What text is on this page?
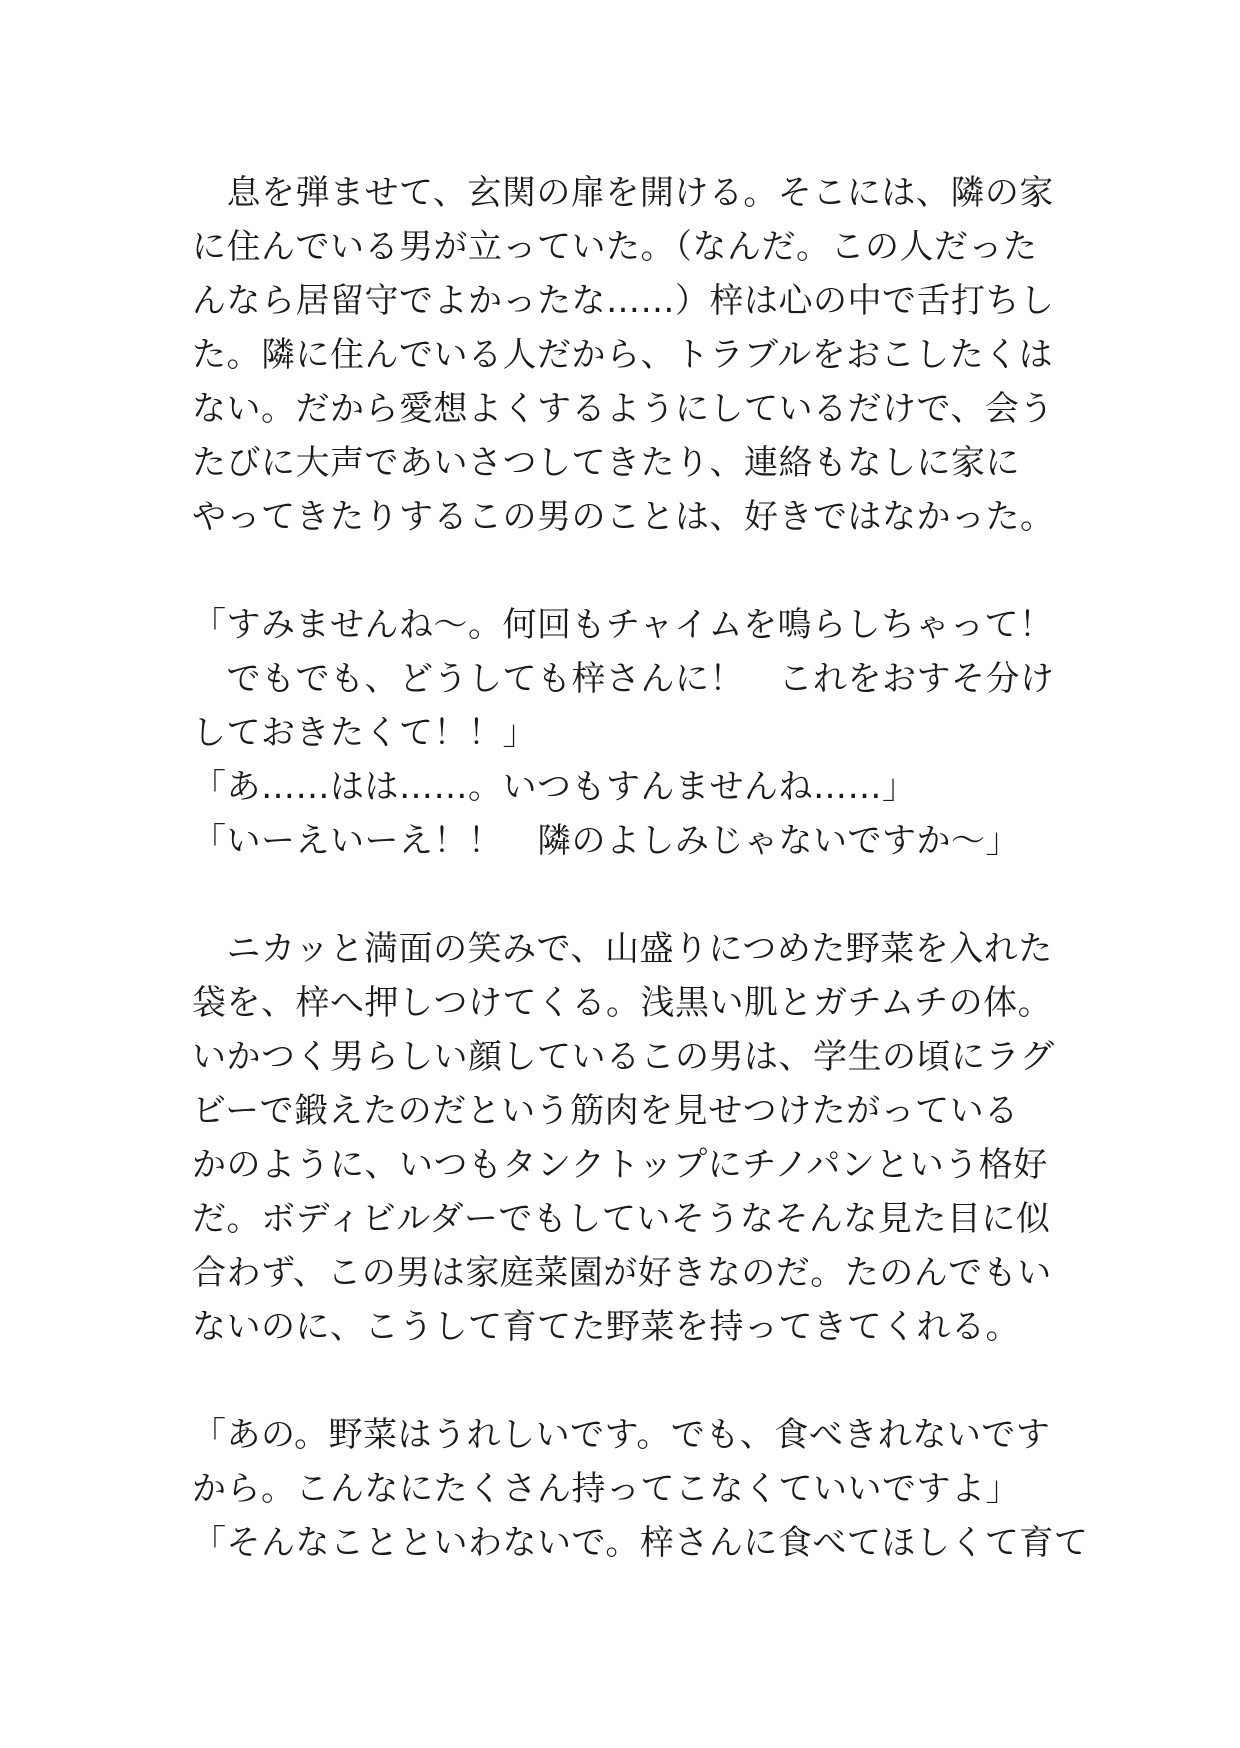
　息を弾ませて、玄関の扉を開ける。そこには、隣の家
に住んでいる男が立っていた。（なんだ。この人だった
んなら居留守でよかったな……）梓は心の中で舌打ちし
た。隣に住んでいる人だから、トラブルをおこしたくは
ない。だから愛想よくするようにしているだけで、会う
たびに大声であいさつしてきたり、連絡もなしに家に
やってきたりするこの男のことは、好きではなかった。
「すみませんね〜。何回もチャイムを鳴らしちゃって！
　でもでも、どうしても梓さんに！　これをおすそ分け
しておきたくて！！」
「あ……はは……。いつもすんませんね……」
「いーえいーえ！！　隣のよしみじゃないですか〜」
　ニカッと満面の笑みで、山盛りにつめた野菜を入れた
袋を、梓へ押しつけてくる。浅黒い肌とガチムチの体。
いかつく男らしい顔しているこの男は、学生の頃にラグ
ビーで鍛えたのだという筋肉を見せつけたがっている
かのように、いつもタンクトップにチノパンという格好
だ。ボディビルダーでもしていそうなそんな見た目に似
合わず、この男は家庭菜園が好きなのだ。たのんでもい
ないのに、こうして育てた野菜を持ってきてくれる。
「あの。野菜はうれしいです。でも、食べきれないです
から。こんなにたくさん持ってこなくていいですよ」
「そんなことといわないで。梓さんに食べてほしくて育て
